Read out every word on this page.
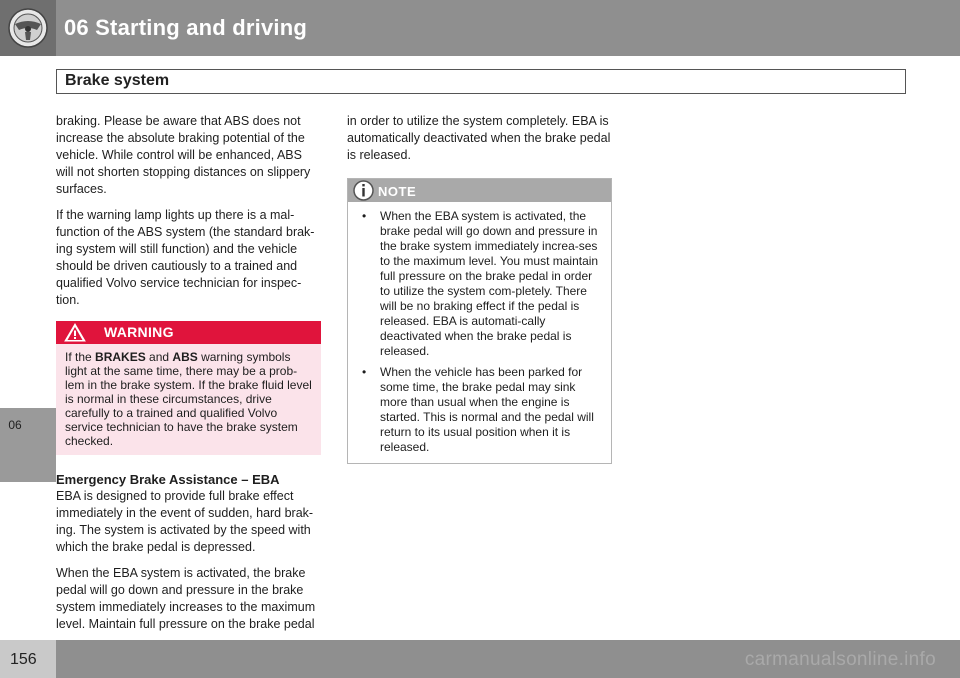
06 Starting and driving
Brake system
06

braking. Please be aware that ABS does not increase the absolute braking potential of the vehicle. While control will be enhanced, ABS will not shorten stopping distances on slippery surfaces.

If the warning lamp lights up there is a mal-function of the ABS system (the standard brak-ing system will still function) and the vehicle should be driven cautiously to a trained and qualified Volvo service technician for inspec-tion.

WARNING
If the BRAKES and ABS warning symbols light at the same time, there may be a prob-lem in the brake system. If the brake fluid level is normal in these circumstances, drive carefully to a trained and qualified Volvo service technician to have the brake system checked.
Emergency Brake Assistance – EBA

EBA is designed to provide full brake effect immediately in the event of sudden, hard brak-ing. The system is activated by the speed with which the brake pedal is depressed.

When the EBA system is activated, the brake pedal will go down and pressure in the brake system immediately increases to the maximum level. Maintain full pressure on the brake pedal

in order to utilize the system completely. EBA is automatically deactivated when the brake pedal is released.

NOTE
•	When the EBA system is activated, the brake pedal will go down and pressure in the brake system immediately increa-ses to the maximum level. You must maintain full pressure on the brake pedal in order to utilize the system com-pletely. There will be no braking effect if the pedal is released. EBA is automati-cally deactivated when the brake pedal is released.
•	When the vehicle has been parked for some time, the brake pedal may sink more than usual when the engine is started. This is normal and the pedal will return to its usual position when it is released.
156	carmanualsonline.info
